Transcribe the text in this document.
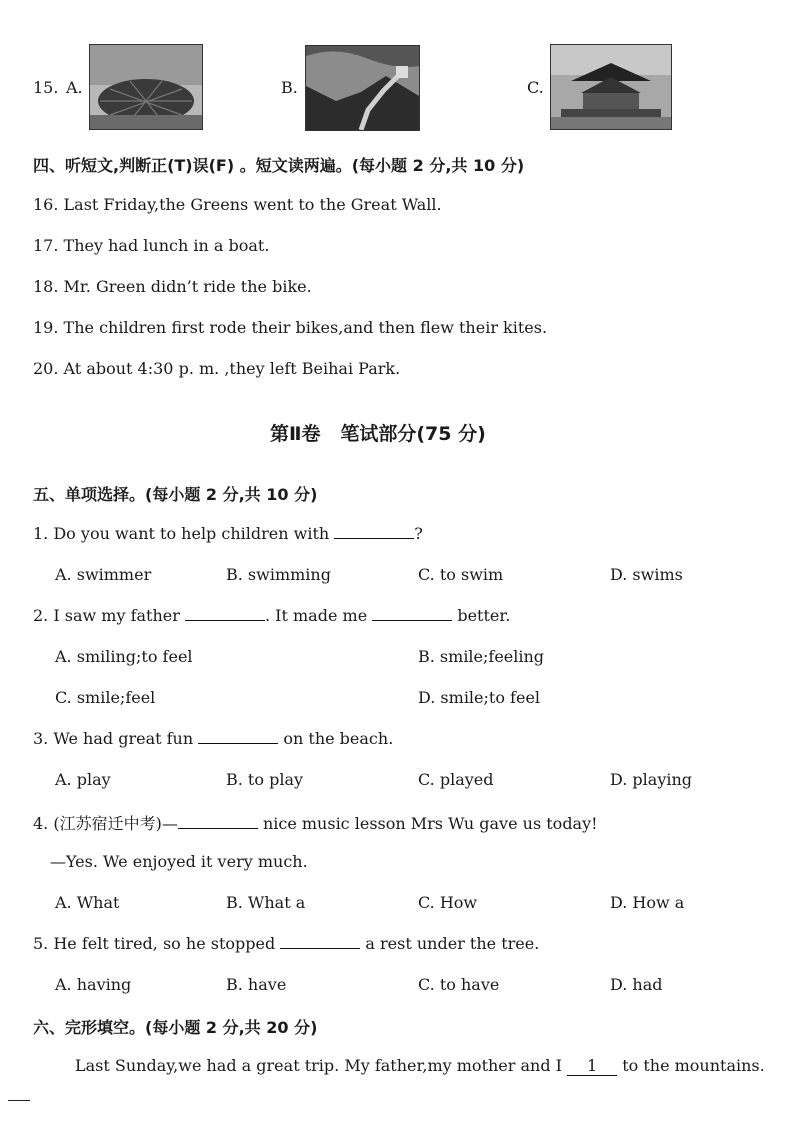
15. A.	B.	C.
四、听短文,判断正(T)误(F) 。短文读两遍。(每小题 2 分,共 10 分)
16. Last Friday,the Greens went to the Great Wall.
17. They had lunch in a boat.
18. Mr. Green didn’t ride the bike.
19. The children first rode their bikes,and then flew their kites.
20. At about 4:30 p. m. ,they left Beihai Park.
第Ⅱ卷   笔试部分(75 分)
五、单项选择。(每小题 2 分,共 10 分)
1. Do you want to help children with	?
A. swimmer	B. swimming	C. to swim	D. swims
2. I saw my father	. It made me	better.
A. smiling;to feel	B. smile;feeling
C. smile;feel	D. smile;to feel
3. We had great fun	on the beach.
A. play	B. to play	C. played	D. playing
4. (江苏宿迁中考)—	nice music lesson Mrs Wu gave us today!
—Yes. We enjoyed it very much.
A. What	B. What a	C. How	D. How a
5. He felt tired, so he stopped	a rest under the tree.
A. having	B. have	C. to have	D. had
六、完形填空。(每小题 2 分,共 20 分)
Last Sunday,we had a great trip. My father,my mother and I 1 to the mountains.
